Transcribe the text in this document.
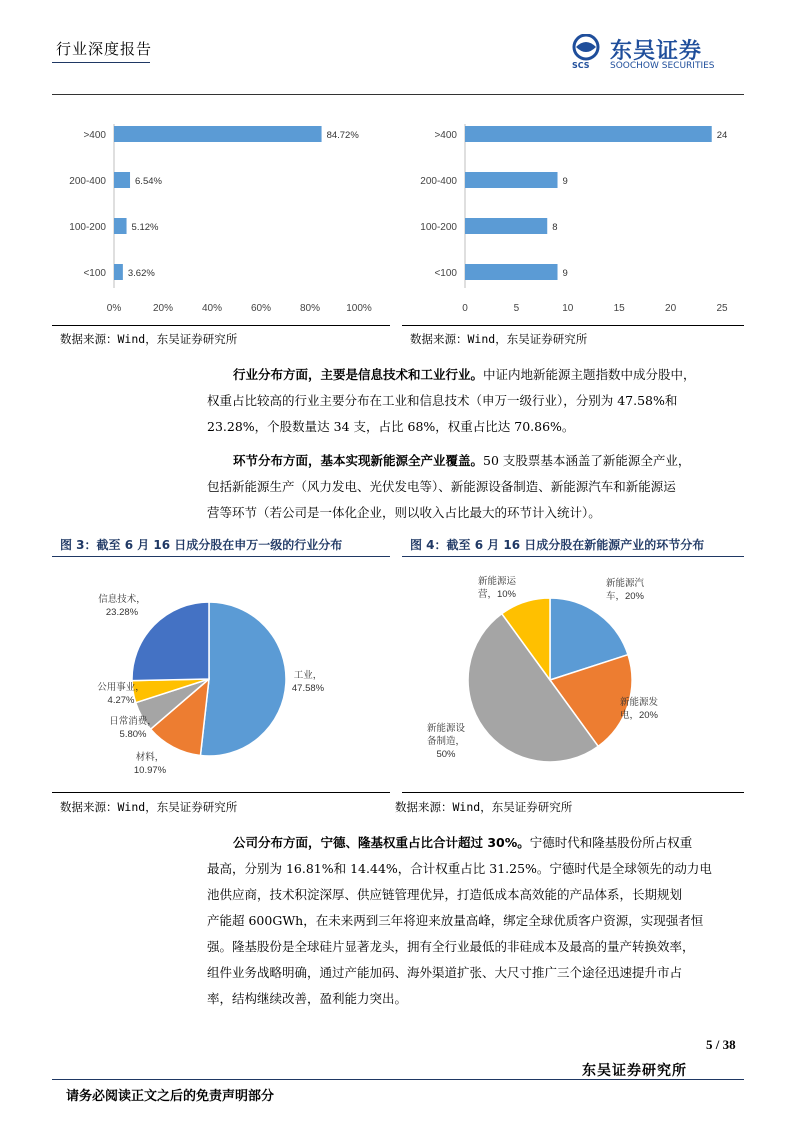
行业深度报告
SCS
东吴证券
SOOCHOW SECURITIES
0%	20%	40%	60%	80%	100%
>400	84.72%
200-400	6.54%
100-200	5.12%
<100 3.62%
0	5	10	15	20	25
>400	24
200-400	9
100-200	8
<100	9
数据来源：Wind，东吴证券研究所	数据来源：Wind，东吴证券研究所
行业分布方面，主要是信息技术和工业行业。中证内地新能源主题指数中成分股中，
权重占比较高的行业主要分布在工业和信息技术（申万一级行业），分别为 47.58%和
23.28%，个股数量达 34 支，占比 68%，权重占比达 70.86%。
环节分布方面，基本实现新能源全产业覆盖。50 支股票基本涵盖了新能源全产业，
包括新能源生产（风力发电、光伏发电等）、新能源设备制造、新能源汽车和新能源运
营等环节（若公司是一体化企业，则以收入占比最大的环节计入统计）。
图 3：截至 6 月 16 日成分股在申万一级的行业分布	图 4：截至 6 月 16 日成分股在新能源产业的环节分布
工业， 47.58%
材料， 10.97%
日常消费， 5.80%
公用事业， 4.27%
信息技术， 23.28%
新能源汽车，20%
新能源发电，20%
新能源设备制造， 50%
新能源运营，10%
数据来源：Wind，东吴证券研究所	数据来源：Wind，东吴证券研究所
公司分布方面，宁德、隆基权重占比合计超过 30%。宁德时代和隆基股份所占权重
最高，分别为 16.81%和 14.44%，合计权重占比 31.25%。宁德时代是全球领先的动力电
池供应商，技术积淀深厚、供应链管理优异，打造低成本高效能的产品体系，长期规划
产能超 600GWh，在未来两到三年将迎来放量高峰，绑定全球优质客户资源，实现强者恒
强。隆基股份是全球硅片显著龙头，拥有全行业最低的非硅成本及最高的量产转换效率，
组件业务战略明确，通过产能加码、海外渠道扩张、大尺寸推广三个途径迅速提升市占
率，结构继续改善，盈利能力突出。
5 / 38
东吴证券研究所
请务必阅读正文之后的免责声明部分
